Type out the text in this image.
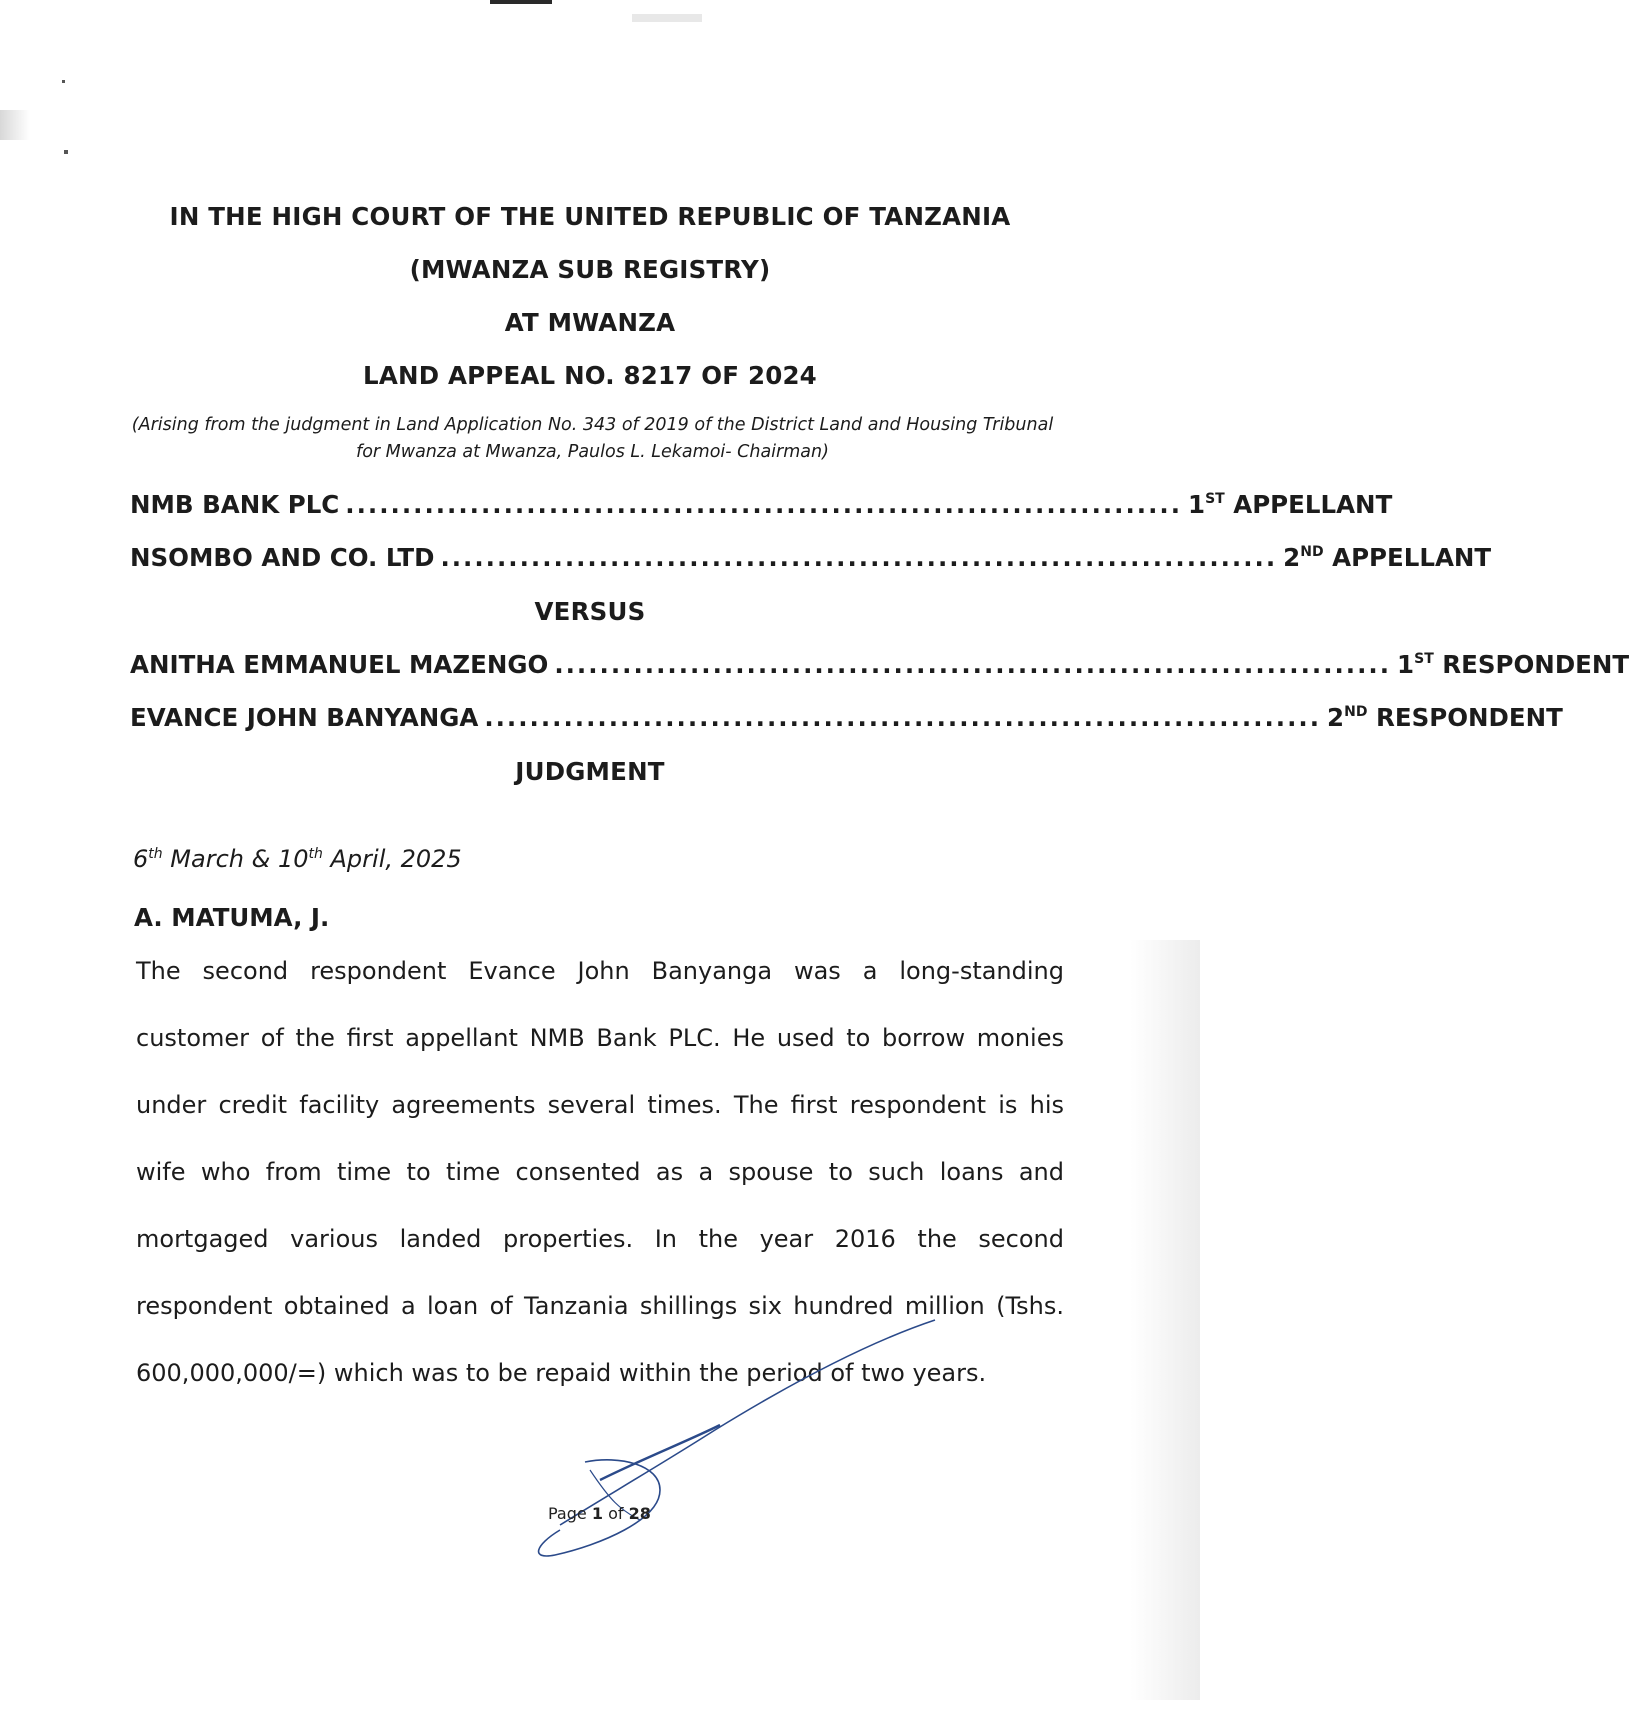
IN THE HIGH COURT OF THE UNITED REPUBLIC OF TANZANIA
(MWANZA SUB REGISTRY)
AT MWANZA
LAND APPEAL NO. 8217 OF 2024
(Arising from the judgment in Land Application No. 343 of 2019 of the District Land and Housing Tribunal
for Mwanza at Mwanza, Paulos L. Lekamoi- Chairman)
NMB BANK PLC .......................................................................... 1ST APPELLANT
NSOMBO AND CO. LTD .......................................................................... 2ND APPELLANT
VERSUS
ANITHA EMMANUEL MAZENGO .......................................................................... 1ST RESPONDENT
EVANCE JOHN BANYANGA .......................................................................... 2ND RESPONDENT
JUDGMENT
6th March & 10th April, 2025
A. MATUMA, J.
The second respondent Evance John Banyanga was a long-standing customer of the first appellant NMB Bank PLC. He used to borrow monies under credit facility agreements several times. The first respondent is his wife who from time to time consented as a spouse to such loans and mortgaged various landed properties. In the year 2016 the second respondent obtained a loan of Tanzania shillings six hundred million (Tshs. 600,000,000/=) which was to be repaid within the period of two years.
Page 1 of 28
